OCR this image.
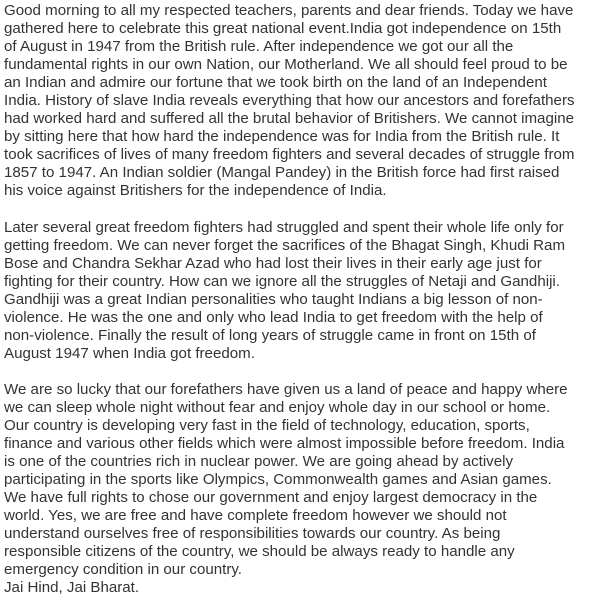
Good morning to all my respected teachers, parents and dear friends. Today we have
gathered here to celebrate this great national event.India got independence on 15th
of August in 1947 from the British rule. After independence we got our all the
fundamental rights in our own Nation, our Motherland. We all should feel proud to be
an Indian and admire our fortune that we took birth on the land of an Independent
India. History of slave India reveals everything that how our ancestors and forefathers
had worked hard and suffered all the brutal behavior of Britishers. We cannot imagine
by sitting here that how hard the independence was for India from the British rule. It
took sacrifices of lives of many freedom fighters and several decades of struggle from
1857 to 1947. An Indian soldier (Mangal Pandey) in the British force had first raised
his voice against Britishers for the independence of India.
Later several great freedom fighters had struggled and spent their whole life only for
getting freedom. We can never forget the sacrifices of the Bhagat Singh, Khudi Ram
Bose and Chandra Sekhar Azad who had lost their lives in their early age just for
fighting for their country. How can we ignore all the struggles of Netaji and Gandhiji.
Gandhiji was a great Indian personalities who taught Indians a big lesson of non-
violence. He was the one and only who lead India to get freedom with the help of
non-violence. Finally the result of long years of struggle came in front on 15th of
August 1947 when India got freedom.
We are so lucky that our forefathers have given us a land of peace and happy where
we can sleep whole night without fear and enjoy whole day in our school or home.
Our country is developing very fast in the field of technology, education, sports,
finance and various other fields which were almost impossible before freedom. India
is one of the countries rich in nuclear power. We are going ahead by actively
participating in the sports like Olympics, Commonwealth games and Asian games.
We have full rights to chose our government and enjoy largest democracy in the
world. Yes, we are free and have complete freedom however we should not
understand ourselves free of responsibilities towards our country. As being
responsible citizens of the country, we should be always ready to handle any
emergency condition in our country.
Jai Hind, Jai Bharat.
